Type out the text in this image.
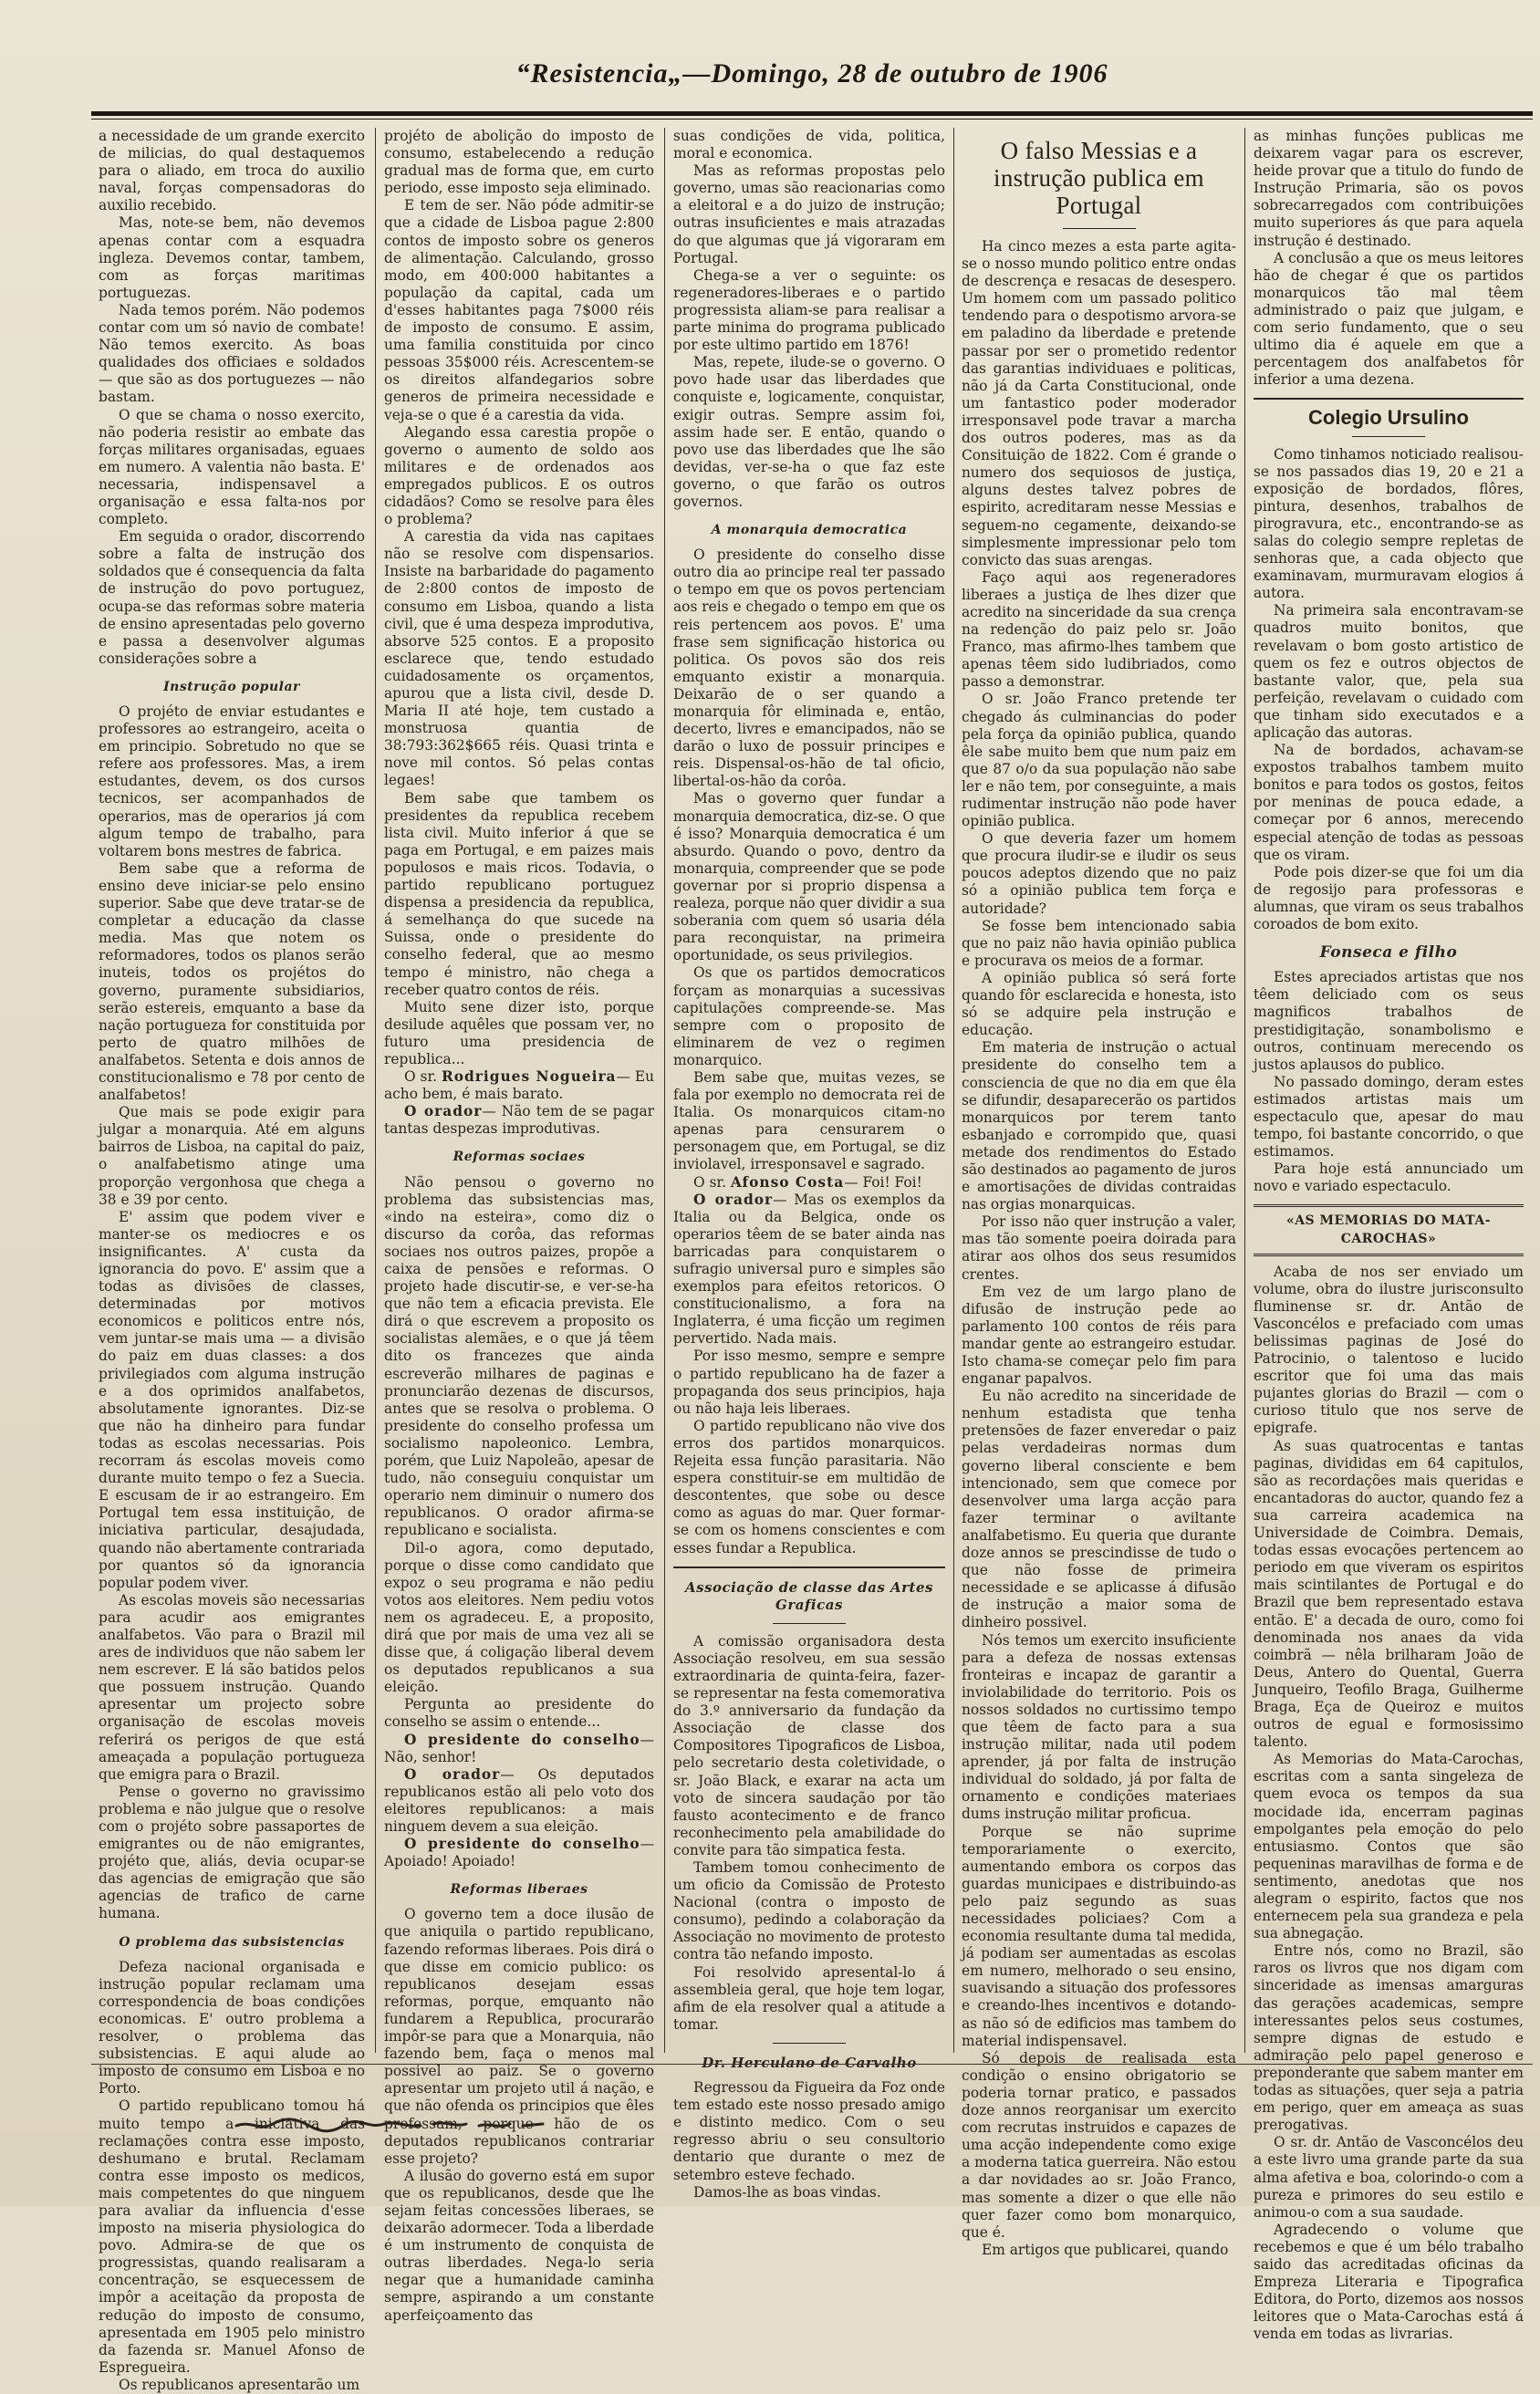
“Resistencia„—Domingo, 28 de outubro de 1906

a necessidade de um grande exercito de milicias, do qual destaquemos para o aliado, em troca do auxilio naval, forças compensadoras do auxilio recebido.

Mas, note-se bem, não devemos apenas contar com a esquadra ingleza. Devemos contar, tambem, com as forças maritimas portuguezas.

Nada temos porém. Não podemos contar com um só navio de combate! Não temos exercito. As boas qualidades dos officiaes e soldados — que são as dos portuguezes — não bastam.

O que se chama o nosso exercito, não poderia resistir ao embate das forças militares organisadas, eguaes em numero. A valentia não basta. E' necessaria, indispensavel a organisação e essa falta-nos por completo.

Em seguida o orador, discorrendo sobre a falta de instrução dos soldados que é consequencia da falta de instrução do povo portuguez, ocupa-se das reformas sobre materia de ensino apresentadas pelo governo e passa a desenvolver algumas considerações sobre a

Instrução popular

O projéto de enviar estudantes e professores ao estrangeiro, aceita o em principio. Sobretudo no que se refere aos professores. Mas, a irem estudantes, devem, os dos cursos tecnicos, ser acompanhados de operarios, mas de operarios já com algum tempo de trabalho, para voltarem bons mestres de fabrica.

Bem sabe que a reforma de ensino deve iniciar-se pelo ensino superior. Sabe que deve tratar-se de completar a educação da classe media. Mas que notem os reformadores, todos os planos serão inuteis, todos os projétos do governo, puramente subsidiarios, serão estereis, emquanto a base da nação portugueza for constituida por perto de quatro milhões de analfabetos. Setenta e dois annos de constitucionalismo e 78 por cento de analfabetos!

Que mais se pode exigir para julgar a monarquia. Até em alguns bairros de Lisboa, na capital do paiz, o analfabetismo atinge uma proporção vergonhosa que chega a 38 e 39 por cento.

E' assim que podem viver e manter-se os mediocres e os insignificantes. A' custa da ignorancia do povo. E' assim que a todas as divisões de classes, determinadas por motivos economicos e politicos entre nós, vem juntar-se mais uma — a divisão do paiz em duas classes: a dos privilegiados com alguma instrução e a dos oprimidos analfabetos, absolutamente ignorantes. Diz-se que não ha dinheiro para fundar todas as escolas necessarias. Pois recorram ás escolas moveis como durante muito tempo o fez a Suecia. E escusam de ir ao estrangeiro. Em Portugal tem essa instituição, de iniciativa particular, desajudada, quando não abertamente contrariada por quantos só da ignorancia popular podem viver.

As escolas moveis são necessarias para acudir aos emigrantes analfabetos. Vão para o Brazil mil ares de individuos que não sabem ler nem escrever. E lá são batidos pelos que possuem instrução. Quando apresentar um projecto sobre organisação de escolas moveis referirá os perigos de que está ameaçada a população portugueza que emigra para o Brazil.

Pense o governo no gravissimo problema e não julgue que o resolve com o projéto sobre passaportes de emigrantes ou de não emigrantes, projéto que, aliás, devia ocupar-se das agencias de emigração que são agencias de trafico de carne humana.

O problema das subsistencias

Defeza nacional organisada e instrução popular reclamam uma correspondencia de boas condições economicas. E' outro problema a resolver, o problema das subsistencias. E aqui alude ao imposto de consumo em Lisboa e no Porto.

O partido republicano tomou há muito tempo a iniciativa das reclamações contra esse imposto, deshumano e brutal. Reclamam contra esse imposto os medicos, mais competentes do que ninguem para avaliar da influencia d'esse imposto na miseria physiologica do povo. Admira-se de que os progressistas, quando realisaram a concentração, se esquecessem de impôr a aceitação da proposta de redução do imposto de consumo, apresentada em 1905 pelo ministro da fazenda sr. Manuel Afonso de Espregueira.

Os republicanos apresentarão um

projéto de abolição do imposto de consumo, estabelecendo a redução gradual mas de forma que, em curto periodo, esse imposto seja eliminado.

E tem de ser. Não póde admitir-se que a cidade de Lisboa pague 2:800 contos de imposto sobre os generos de alimentação. Calculando, grosso modo, em 400:000 habitantes a população da capital, cada um d'esses habitantes paga 7$000 réis de imposto de consumo. E assim, uma familia constituida por cinco pessoas 35$000 réis. Acrescentem-se os direitos alfandegarios sobre generos de primeira necessidade e veja-se o que é a carestia da vida.

Alegando essa carestia propõe o governo o aumento de soldo aos militares e de ordenados aos empregados publicos. E os outros cidadãos? Como se resolve para êles o problema?

A carestia da vida nas capitaes não se resolve com dispensarios. Insiste na barbaridade do pagamento de 2:800 contos de imposto de consumo em Lisboa, quando a lista civil, que é uma despeza improdutiva, absorve 525 contos. E a proposito esclarece que, tendo estudado cuidadosamente os orçamentos, apurou que a lista civil, desde D. Maria II até hoje, tem custado a monstruosa quantia de 38:793:362$665 réis. Quasi trinta e nove mil contos. Só pelas contas legaes!

Bem sabe que tambem os presidentes da republica recebem lista civil. Muito inferior á que se paga em Portugal, e em paizes mais populosos e mais ricos. Todavia, o partido republicano portuguez dispensa a presidencia da republica, á semelhança do que sucede na Suissa, onde o presidente do conselho federal, que ao mesmo tempo é ministro, não chega a receber quatro contos de réis.

Muito sene dizer isto, porque desilude aquêles que possam ver, no futuro uma presidencia de republica...

O sr. Rodrigues Nogueira— Eu acho bem, é mais barato.

O orador— Não tem de se pagar tantas despezas improdutivas.

Reformas sociaes

Não pensou o governo no problema das subsistencias mas, «indo na esteira», como diz o discurso da corôa, das reformas sociaes nos outros paizes, propõe a caixa de pensões e reformas. O projeto hade discutir-se, e ver-se-ha que não tem a eficacia prevista. Ele dirá o que escrevem a proposito os socialistas alemães, e o que já têem dito os francezes que ainda escreverão milhares de paginas e pronunciarão dezenas de discursos, antes que se resolva o problema. O presidente do conselho professa um socialismo napoleonico. Lembra, porém, que Luiz Napoleão, apesar de tudo, não conseguiu conquistar um operario nem diminuir o numero dos republicanos. O orador afirma-se republicano e socialista.

Dil-o agora, como deputado, porque o disse como candidato que expoz o seu programa e não pediu votos aos eleitores. Nem pediu votos nem os agradeceu. E, a proposito, dirá que por mais de uma vez ali se disse que, á coligação liberal devem os deputados republicanos a sua eleição.

Pergunta ao presidente do conselho se assim o entende...

O presidente do conselho— Não, senhor!

O orador— Os deputados republicanos estão ali pelo voto dos eleitores republicanos: a mais ninguem devem a sua eleição.

O presidente do conselho— Apoiado! Apoiado!

Reformas liberaes

O governo tem a doce ilusão de que aniquila o partido republicano, fazendo reformas liberaes. Pois dirá o que disse em comicio publico: os republicanos desejam essas reformas, porque, emquanto não fundarem a Republica, procurarão impôr-se para que a Monarquia, não fazendo bem, faça o menos mal possivel ao paiz. Se o governo apresentar um projeto util á nação, e que não ofenda os principios que êles professam, porque hão de os deputados republicanos contrariar esse projeto?

A ilusão do governo está em supor que os republicanos, desde que lhe sejam feitas concessões liberaes, se deixarão adormecer. Toda a liberdade é um instrumento de conquista de outras liberdades. Nega-lo seria negar que a humanidade caminha sempre, aspirando a um constante aperfeiçoamento das

suas condições de vida, politica, moral e economica.

Mas as reformas propostas pelo governo, umas são reacionarias como a eleitoral e a do juizo de instrução; outras insuficientes e mais atrazadas do que algumas que já vigoraram em Portugal.

Chega-se a ver o seguinte: os regeneradores-liberaes e o partido progressista aliam-se para realisar a parte minima do programa publicado por este ultimo partido em 1876!

Mas, repete, ilude-se o governo. O povo hade usar das liberdades que conquiste e, logicamente, conquistar, exigir outras. Sempre assim foi, assim hade ser. E então, quando o povo use das liberdades que lhe são devidas, ver-se-ha o que faz este governo, o que farão os outros governos.

A monarquia democratica

O presidente do conselho disse outro dia ao principe real ter passado o tempo em que os povos pertenciam aos reis e chegado o tempo em que os reis pertencem aos povos. E' uma frase sem significação historica ou politica. Os povos são dos reis emquanto existir a monarquia. Deixarão de o ser quando a monarquia fôr eliminada e, então, decerto, livres e emancipados, não se darão o luxo de possuir principes e reis. Dispensal-os-hão de tal oficio, libertal-os-hão da corôa.

Mas o governo quer fundar a monarquia democratica, diz-se. O que é isso? Monarquia democratica é um absurdo. Quando o povo, dentro da monarquia, compreender que se pode governar por si proprio dispensa a realeza, porque não quer dividir a sua soberania com quem só usaria déla para reconquistar, na primeira oportunidade, os seus privilegios.

Os que os partidos democraticos forçam as monarquias a sucessivas capitulações compreende-se. Mas sempre com o proposito de eliminarem de vez o regimen monarquico.

Bem sabe que, muitas vezes, se fala por exemplo no democrata rei de Italia. Os monarquicos citam-no apenas para censurarem o personagem que, em Portugal, se diz inviolavel, irresponsavel e sagrado.

O sr. Afonso Costa— Foi! Foi!

O orador— Mas os exemplos da Italia ou da Belgica, onde os operarios têem de se bater ainda nas barricadas para conquistarem o sufragio universal puro e simples são exemplos para efeitos retoricos. O constitucionalismo, a fora na Inglaterra, é uma ficção um regimen pervertido. Nada mais.

Por isso mesmo, sempre e sempre o partido republicano ha de fazer a propaganda dos seus principios, haja ou não haja leis liberaes.

O partido republicano não vive dos erros dos partidos monarquicos. Rejeita essa função parasitaria. Não espera constituir-se em multidão de descontentes, que sobe ou desce como as aguas do mar. Quer formar-se com os homens conscientes e com esses fundar a Republica.

Associação de classe das Artes Graficas

A comissão organisadora desta Associação resolveu, em sua sessão extraordinaria de quinta-feira, fazer-se representar na festa comemorativa do 3.º anniversario da fundação da Associação de classe dos Compositores Tipograficos de Lisboa, pelo secretario desta coletividade, o sr. João Black, e exarar na acta um voto de sincera saudação por tão fausto acontecimento e de franco reconhecimento pela amabilidade do convite para tão simpatica festa.

Tambem tomou conhecimento de um oficio da Comissão de Protesto Nacional (contra o imposto de consumo), pedindo a colaboração da Associação no movimento de protesto contra tão nefando imposto.

Foi resolvido apresental-lo á assembleia geral, que hoje tem logar, afim de ela resolver qual a atitude a tomar.

Dr. Herculano de Carvalho

Regressou da Figueira da Foz onde tem estado este nosso presado amigo e distinto medico. Com o seu regresso abriu o seu consultorio dentario que durante o mez de setembro esteve fechado.

Damos-lhe as boas vindas.

O falso Messias e a instrução publica em Portugal

Ha cinco mezes a esta parte agita-se o nosso mundo politico entre ondas de descrença e resacas de desespero. Um homem com um passado politico tendendo para o despotismo arvora-se em paladino da liberdade e pretende passar por ser o prometido redentor das garantias individuaes e politicas, não já da Carta Constitucional, onde um fantastico poder moderador irresponsavel pode travar a marcha dos outros poderes, mas as da Consituição de 1822. Com é grande o numero dos sequiosos de justiça, alguns destes talvez pobres de espirito, acreditaram nesse Messias e seguem-no cegamente, deixando-se simplesmente impressionar pelo tom convicto das suas arengas.

Faço aqui aos regeneradores liberaes a justiça de lhes dizer que acredito na sinceridade da sua crença na redenção do paiz pelo sr. João Franco, mas afirmo-lhes tambem que apenas têem sido ludibriados, como passo a demonstrar.

O sr. João Franco pretende ter chegado ás culminancias do poder pela força da opinião publica, quando êle sabe muito bem que num paiz em que 87 o/o da sua população não sabe ler e não tem, por conseguinte, a mais rudimentar instrução não pode haver opinião publica.

O que deveria fazer um homem que procura iludir-se e iludir os seus poucos adeptos dizendo que no paiz só a opinião publica tem força e autoridade?

Se fosse bem intencionado sabia que no paiz não havia opinião publica e procurava os meios de a formar.

A opinião publica só será forte quando fôr esclarecida e honesta, isto só se adquire pela instrução e educação.

Em materia de instrução o actual presidente do conselho tem a consciencia de que no dia em que êla se difundir, desaparecerão os partidos monarquicos por terem tanto esbanjado e corrompido que, quasi metade dos rendimentos do Estado são destinados ao pagamento de juros e amortisações de dividas contraidas nas orgias monarquicas.

Por isso não quer instrução a valer, mas tão somente poeira doirada para atirar aos olhos dos seus resumidos crentes.

Em vez de um largo plano de difusão de instrução pede ao parlamento 100 contos de réis para mandar gente ao estrangeiro estudar. Isto chama-se começar pelo fim para enganar papalvos.

Eu não acredito na sinceridade de nenhum estadista que tenha pretensões de fazer enveredar o paiz pelas verdadeiras normas dum governo liberal consciente e bem intencionado, sem que comece por desenvolver uma larga acção para fazer terminar o aviltante analfabetismo. Eu queria que durante doze annos se prescindisse de tudo o que não fosse de primeira necessidade e se aplicasse á difusão de instrução a maior soma de dinheiro possivel.

Nós temos um exercito insuficiente para a defeza de nossas extensas fronteiras e incapaz de garantir a inviolabilidade do territorio. Pois os nossos soldados no curtissimo tempo que têem de facto para a sua instrução militar, nada util podem aprender, já por falta de instrução individual do soldado, já por falta de ornamento e condições materiaes dums instrução militar proficua.

Porque se não suprime temporariamente o exercito, aumentando embora os corpos das guardas municipaes e distribuindo-as pelo paiz segundo as suas necessidades policiaes? Com a economia resultante duma tal medida, já podiam ser aumentadas as escolas em numero, melhorado o seu ensino, suavisando a situação dos professores e creando-lhes incentivos e dotando-as não só de edificios mas tambem do material indispensavel.

Só depois de realisada esta condição o ensino obrigatorio se poderia tornar pratico, e passados doze annos reorganisar um exercito com recrutas instruidos e capazes de uma acção independente como exige a moderna tatica guerreira. Não estou a dar novidades ao sr. João Franco, mas somente a dizer o que elle não quer fazer como bom monarquico, que é.

Em artigos que publicarei, quando

as minhas funções publicas me deixarem vagar para os escrever, heide provar que a titulo do fundo de Instrução Primaria, são os povos sobrecarregados com contribuições muito superiores ás que para aquela instrução é destinado.

A conclusão a que os meus leitores hão de chegar é que os partidos monarquicos tão mal têem administrado o paiz que julgam, e com serio fundamento, que o seu ultimo dia é aquele em que a percentagem dos analfabetos fôr inferior a uma dezena.

Colegio Ursulino

Como tinhamos noticiado realisou-se nos passados dias 19, 20 e 21 a exposição de bordados, flôres, pintura, desenhos, trabalhos de pirogravura, etc., encontrando-se as salas do colegio sempre repletas de senhoras que, a cada objecto que examinavam, murmuravam elogios á autora.

Na primeira sala encontravam-se quadros muito bonitos, que revelavam o bom gosto artistico de quem os fez e outros objectos de bastante valor, que, pela sua perfeição, revelavam o cuidado com que tinham sido executados e a aplicação das autoras.

Na de bordados, achavam-se expostos trabalhos tambem muito bonitos e para todos os gostos, feitos por meninas de pouca edade, a começar por 6 annos, merecendo especial atenção de todas as pessoas que os viram.

Pode pois dizer-se que foi um dia de regosijo para professoras e alumnas, que viram os seus trabalhos coroados de bom exito.

Fonseca e filho

Estes apreciados artistas que nos têem deliciado com os seus magnificos trabalhos de prestidigitação, sonambolismo e outros, continuam merecendo os justos aplausos do publico.

No passado domingo, deram estes estimados artistas mais um espectaculo que, apesar do mau tempo, foi bastante concorrido, o que estimamos.

Para hoje está annunciado um novo e variado espectaculo.

«AS MEMORIAS DO MATA-CAROCHAS»

Acaba de nos ser enviado um volume, obra do ilustre jurisconsulto fluminense sr. dr. Antão de Vasconcélos e prefaciado com umas belissimas paginas de José do Patrocinio, o talentoso e lucido escritor que foi uma das mais pujantes glorias do Brazil — com o curioso titulo que nos serve de epigrafe.

As suas quatrocentas e tantas paginas, divididas em 64 capitulos, são as recordações mais queridas e encantadoras do auctor, quando fez a sua carreira academica na Universidade de Coimbra. Demais, todas essas evocações pertencem ao periodo em que viveram os espiritos mais scintilantes de Portugal e do Brazil que bem representado estava então. E' a decada de ouro, como foi denominada nos anaes da vida coimbrã — nêla brilharam João de Deus, Antero do Quental, Guerra Junqueiro, Teofilo Braga, Guilherme Braga, Eça de Queiroz e muitos outros de egual e formosissimo talento.

As Memorias do Mata-Carochas, escritas com a santa singeleza de quem evoca os tempos da sua mocidade ida, encerram paginas empolgantes pela emoção do pelo entusiasmo. Contos que são pequeninas maravilhas de forma e de sentimento, anedotas que nos alegram o espirito, factos que nos enternecem pela sua grandeza e pela sua abnegação.

Entre nós, como no Brazil, são raros os livros que nos digam com sinceridade as imensas amarguras das gerações academicas, sempre interessantes pelos seus costumes, sempre dignas de estudo e admiração pelo papel generoso e preponderante que sabem manter em todas as situações, quer seja a patria em perigo, quer em ameaça as suas prerogativas.

O sr. dr. Antão de Vasconcélos deu a este livro uma grande parte da sua alma afetiva e boa, colorindo-o com a pureza e primores do seu estilo e animou-o com a sua saudade.

Agradecendo o volume que recebemos e que é um bélo trabalho saido das acreditadas oficinas da Empreza Literaria e Tipografica Editora, do Porto, dizemos aos nossos leitores que o Mata-Carochas está á venda em todas as livrarias.
